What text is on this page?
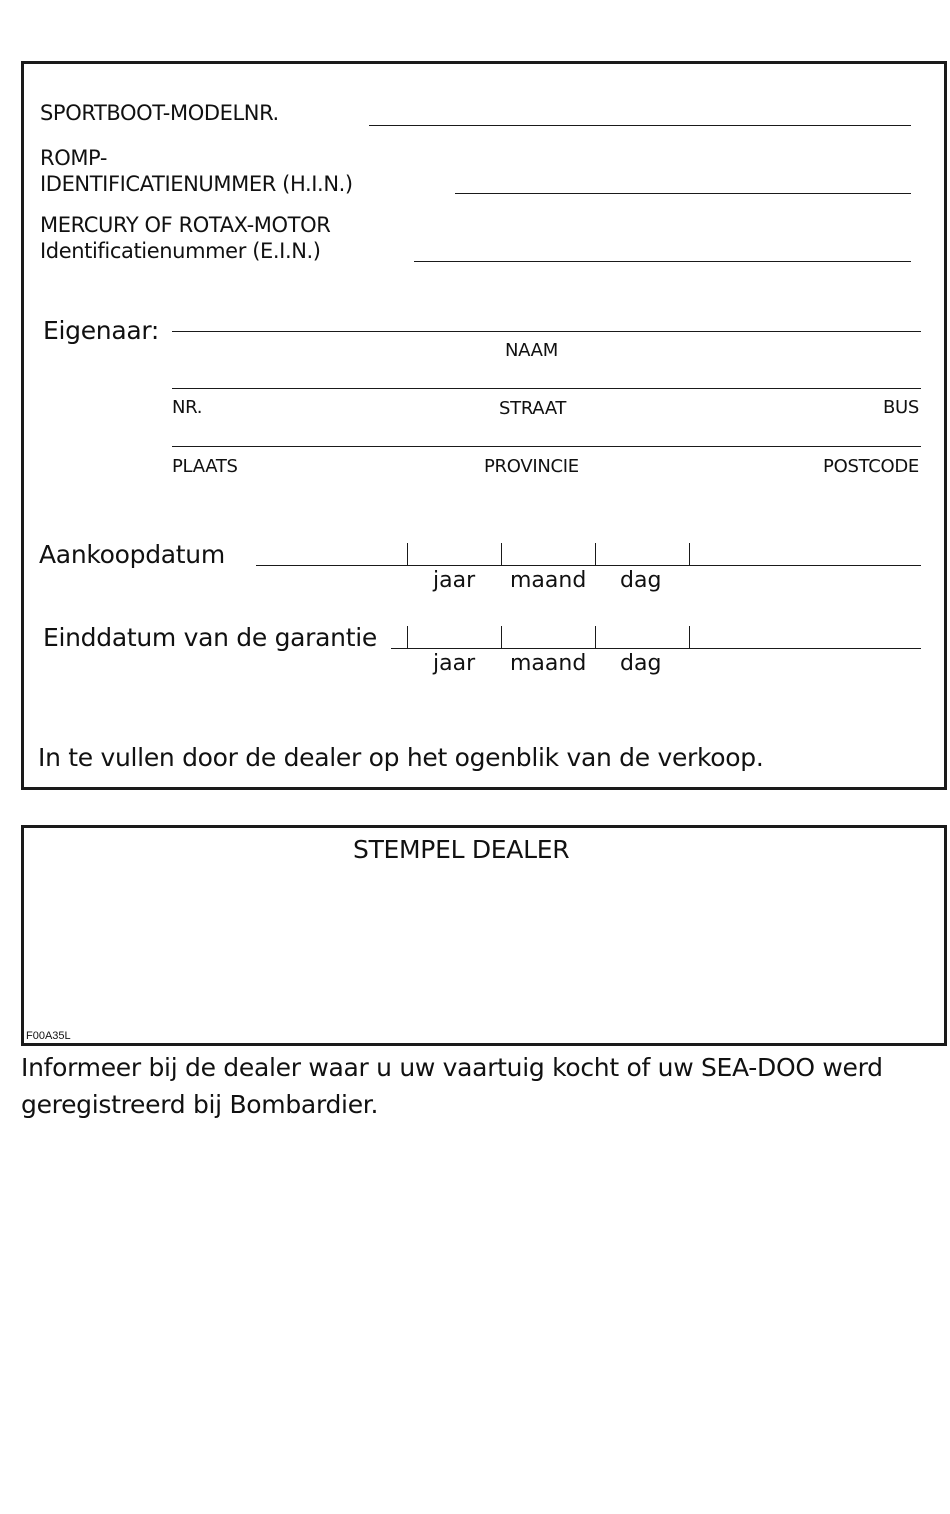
SPORTBOOT-MODELNR.
ROMP-
IDENTIFICATIENUMMER (H.I.N.)
MERCURY OF ROTAX-MOTOR
Identificatienummer (E.I.N.)
Eigenaar:
NAAM
NR.	STRAAT	BUS
PLAATS	PROVINCIE	POSTCODE
Aankoopdatum
jaar maand dag
Einddatum van de garantie
jaar maand dag
In te vullen door de dealer op het ogenblik van de verkoop.
STEMPEL DEALER
F00A35L
Informeer bij de dealer waar u uw vaartuig kocht of uw SEA-DOO werd
geregistreerd bij Bombardier.
